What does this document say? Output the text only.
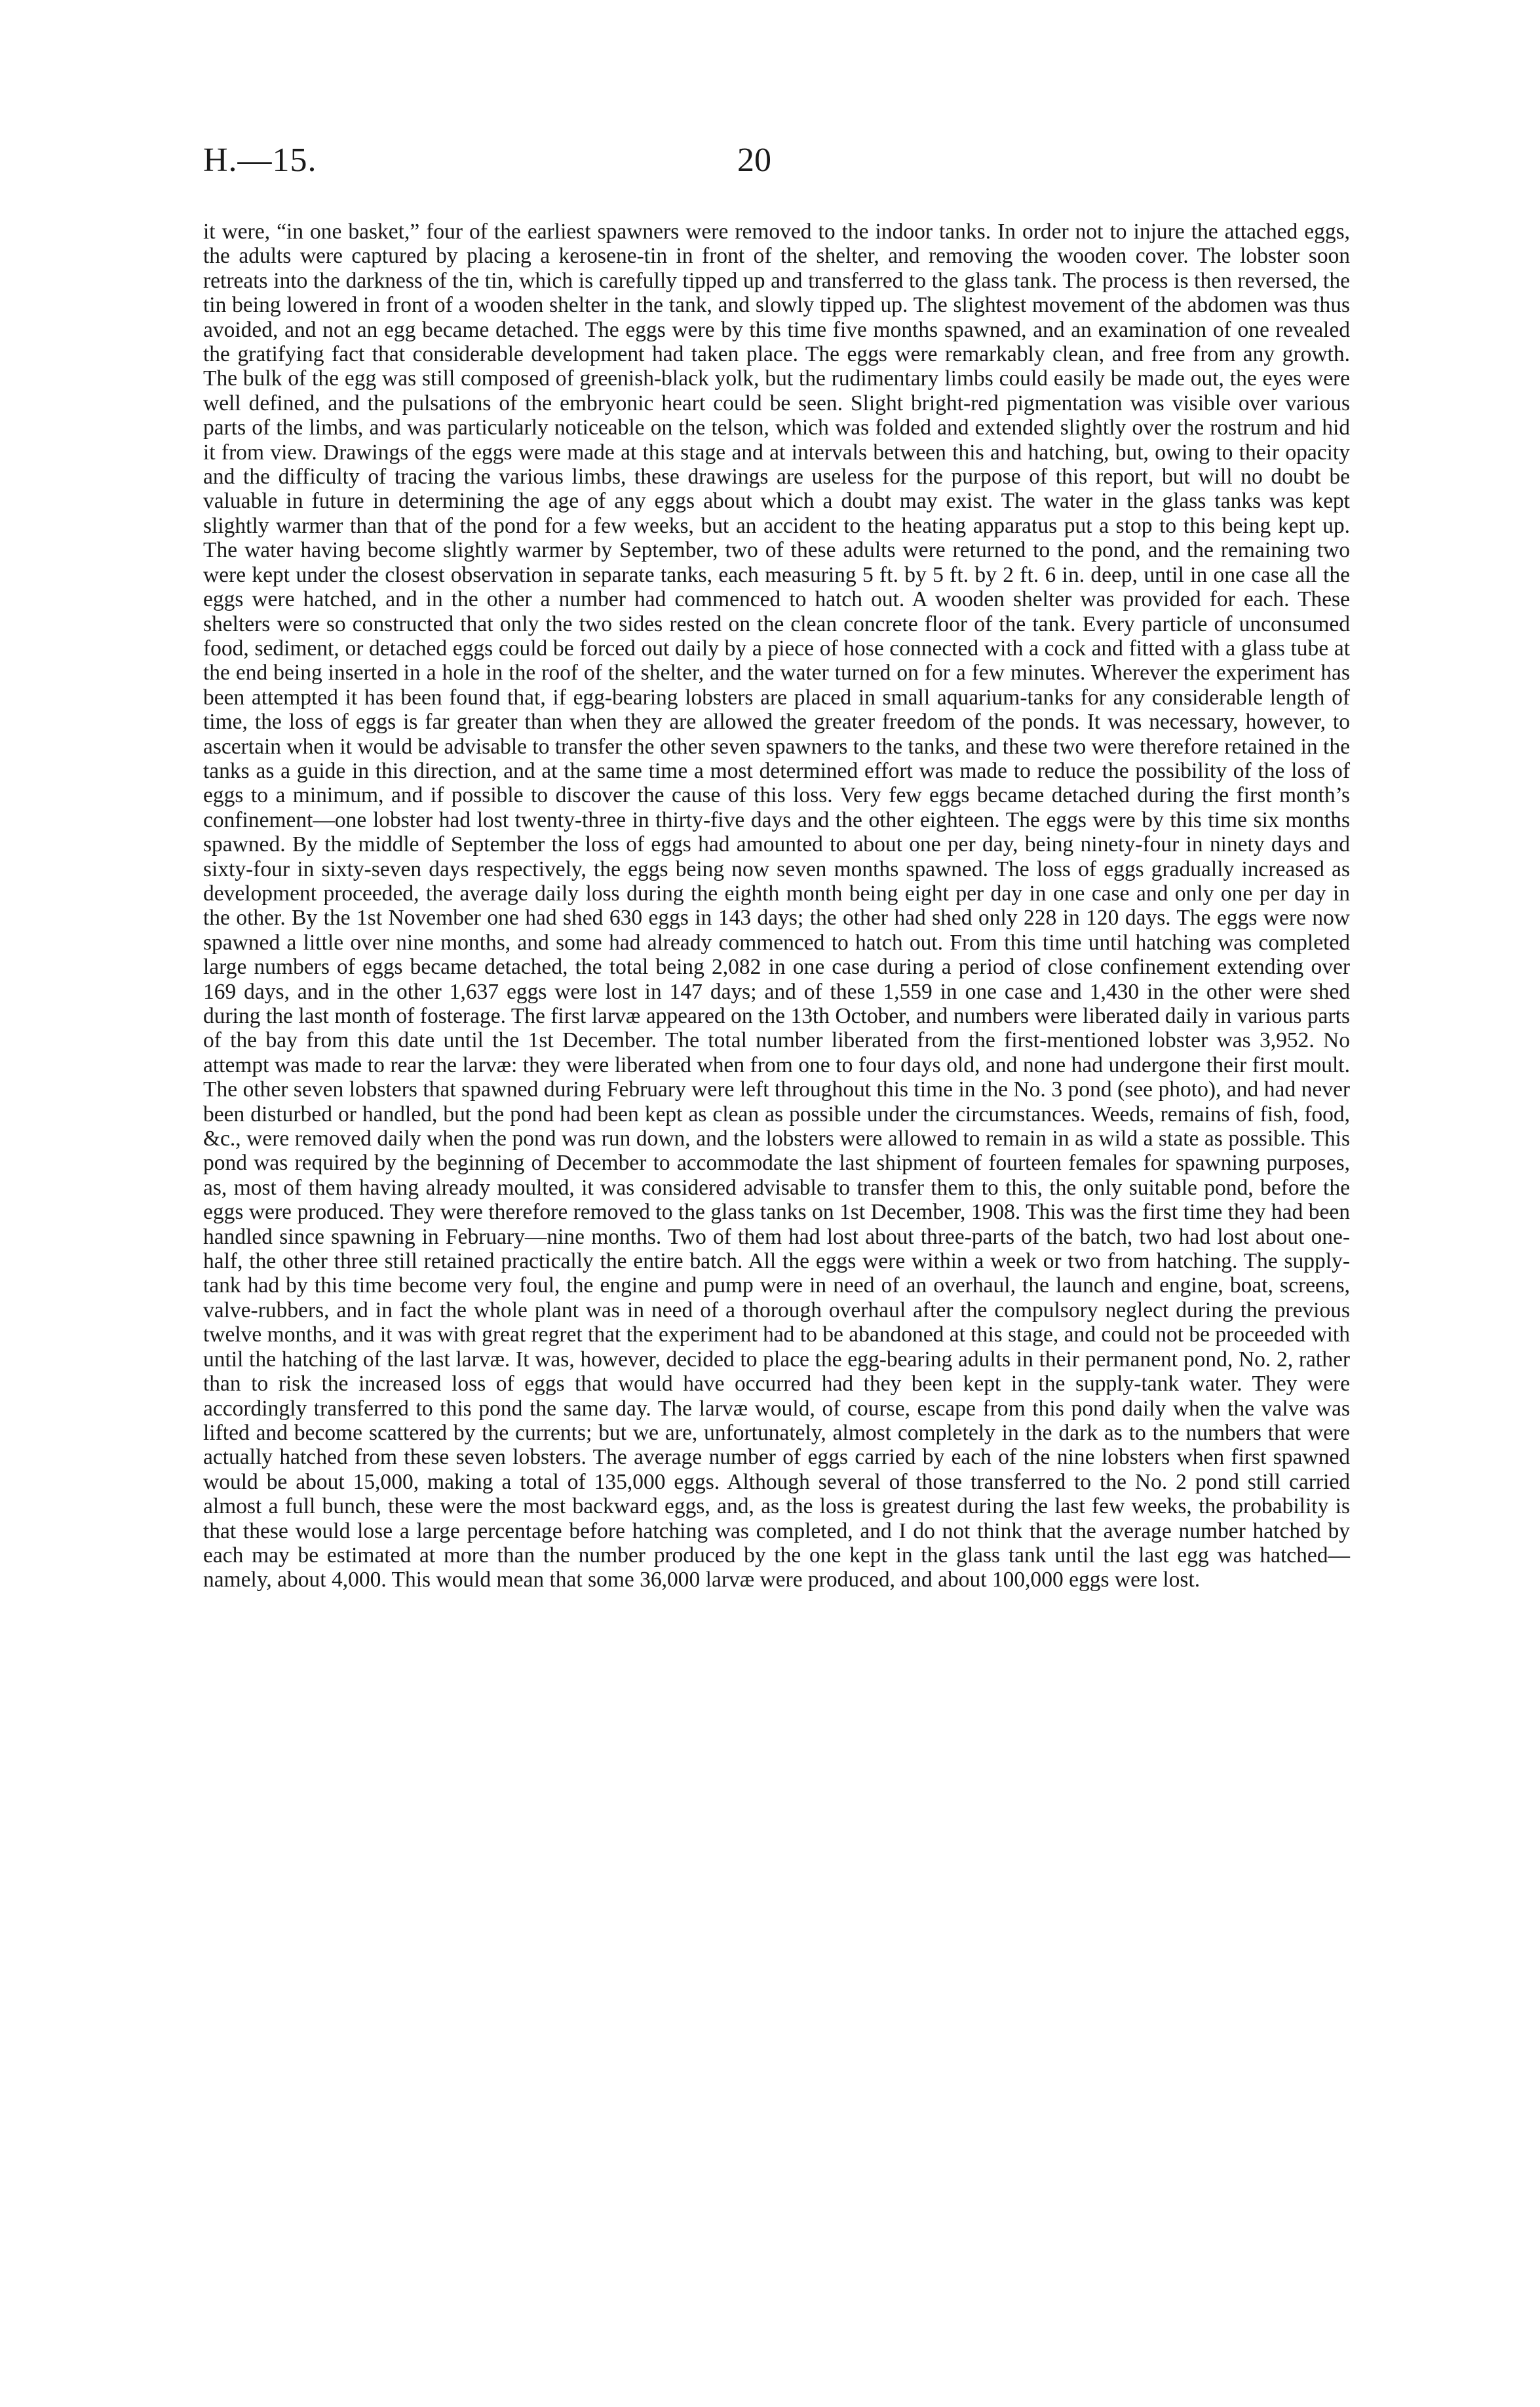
H.—15.	20

it were, “in one basket,” four of the earliest spawners were removed to the indoor tanks. In order not to injure the attached eggs, the adults were captured by placing a kerosene-tin in front of the shelter, and removing the wooden cover. The lobster soon retreats into the darkness of the tin, which is carefully tipped up and transferred to the glass tank. The process is then reversed, the tin being lowered in front of a wooden shelter in the tank, and slowly tipped up. The slightest movement of the abdomen was thus avoided, and not an egg became detached. The eggs were by this time five months spawned, and an examination of one revealed the gratifying fact that considerable development had taken place. The eggs were remarkably clean, and free from any growth. The bulk of the egg was still composed of greenish-black yolk, but the rudimentary limbs could easily be made out, the eyes were well defined, and the pulsations of the embryonic heart could be seen. Slight bright-red pigmentation was visible over various parts of the limbs, and was particularly noticeable on the telson, which was folded and extended slightly over the rostrum and hid it from view. Drawings of the eggs were made at this stage and at intervals between this and hatching, but, owing to their opacity and the difficulty of tracing the various limbs, these drawings are useless for the purpose of this report, but will no doubt be valuable in future in determining the age of any eggs about which a doubt may exist. The water in the glass tanks was kept slightly warmer than that of the pond for a few weeks, but an accident to the heating apparatus put a stop to this being kept up. The water having become slightly warmer by September, two of these adults were returned to the pond, and the remaining two were kept under the closest observation in separate tanks, each measuring 5 ft. by 5 ft. by 2 ft. 6 in. deep, until in one case all the eggs were hatched, and in the other a number had commenced to hatch out. A wooden shelter was provided for each. These shelters were so constructed that only the two sides rested on the clean concrete floor of the tank. Every particle of unconsumed food, sediment, or detached eggs could be forced out daily by a piece of hose connected with a cock and fitted with a glass tube at the end being inserted in a hole in the roof of the shelter, and the water turned on for a few minutes. Wherever the experiment has been attempted it has been found that, if egg-bearing lobsters are placed in small aquarium-tanks for any considerable length of time, the loss of eggs is far greater than when they are allowed the greater freedom of the ponds. It was necessary, however, to ascertain when it would be advisable to transfer the other seven spawners to the tanks, and these two were therefore retained in the tanks as a guide in this direction, and at the same time a most determined effort was made to reduce the possibility of the loss of eggs to a minimum, and if possible to discover the cause of this loss. Very few eggs became detached during the first month’s confinement—one lobster had lost twenty-three in thirty-five days and the other eighteen. The eggs were by this time six months spawned. By the middle of September the loss of eggs had amounted to about one per day, being ninety-four in ninety days and sixty-four in sixty-seven days respectively, the eggs being now seven months spawned. The loss of eggs gradually increased as development proceeded, the average daily loss during the eighth month being eight per day in one case and only one per day in the other. By the 1st November one had shed 630 eggs in 143 days; the other had shed only 228 in 120 days. The eggs were now spawned a little over nine months, and some had already commenced to hatch out. From this time until hatching was completed large numbers of eggs became detached, the total being 2,082 in one case during a period of close confinement extending over 169 days, and in the other 1,637 eggs were lost in 147 days; and of these 1,559 in one case and 1,430 in the other were shed during the last month of fosterage. The first larvæ appeared on the 13th October, and numbers were liberated daily in various parts of the bay from this date until the 1st December. The total number liberated from the first-mentioned lobster was 3,952. No attempt was made to rear the larvæ: they were liberated when from one to four days old, and none had undergone their first moult. The other seven lobsters that spawned during February were left throughout this time in the No. 3 pond (see photo), and had never been disturbed or handled, but the pond had been kept as clean as possible under the circumstances. Weeds, remains of fish, food, &c., were removed daily when the pond was run down, and the lobsters were allowed to remain in as wild a state as possible. This pond was required by the beginning of December to accommodate the last shipment of fourteen females for spawning purposes, as, most of them having already moulted, it was considered advisable to transfer them to this, the only suitable pond, before the eggs were produced. They were therefore removed to the glass tanks on 1st December, 1908. This was the first time they had been handled since spawning in February—nine months. Two of them had lost about three-parts of the batch, two had lost about one-half, the other three still retained practically the entire batch. All the eggs were within a week or two from hatching. The supply-tank had by this time become very foul, the engine and pump were in need of an overhaul, the launch and engine, boat, screens, valve-rubbers, and in fact the whole plant was in need of a thorough overhaul after the compulsory neglect during the previous twelve months, and it was with great regret that the experiment had to be abandoned at this stage, and could not be proceeded with until the hatching of the last larvæ. It was, however, decided to place the egg-bearing adults in their permanent pond, No. 2, rather than to risk the increased loss of eggs that would have occurred had they been kept in the supply-tank water. They were accordingly transferred to this pond the same day. The larvæ would, of course, escape from this pond daily when the valve was lifted and become scattered by the currents; but we are, unfortunately, almost completely in the dark as to the numbers that were actually hatched from these seven lobsters. The average number of eggs carried by each of the nine lobsters when first spawned would be about 15,000, making a total of 135,000 eggs. Although several of those transferred to the No. 2 pond still carried almost a full bunch, these were the most backward eggs, and, as the loss is greatest during the last few weeks, the probability is that these would lose a large percentage before hatching was completed, and I do not think that the average number hatched by each may be estimated at more than the number produced by the one kept in the glass tank until the last egg was hatched—namely, about 4,000. This would mean that some 36,000 larvæ were produced, and about 100,000 eggs were lost.
